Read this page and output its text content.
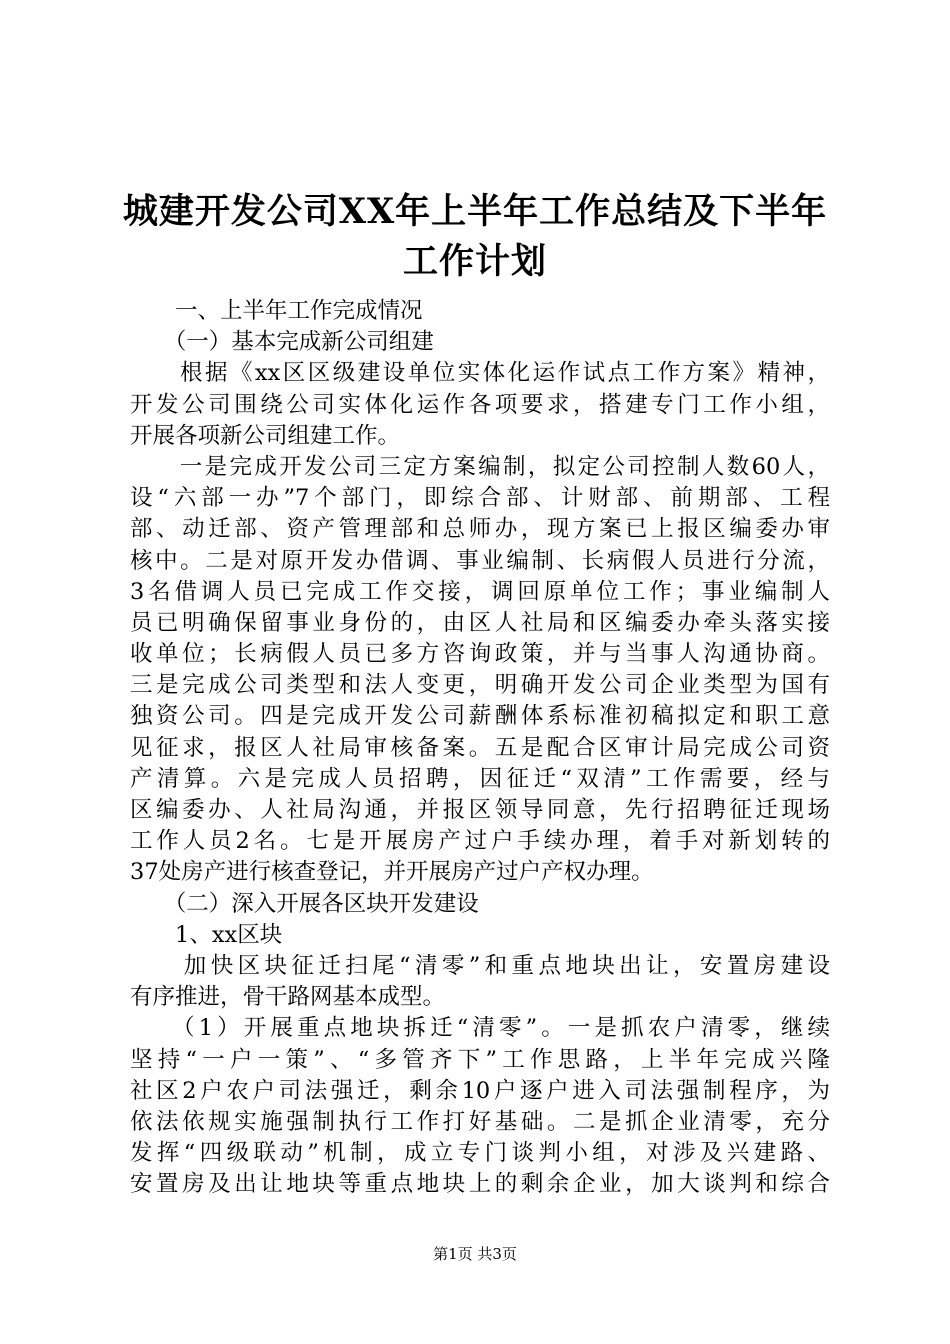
城建开发公司XX年上半年工作总结及下半年
工作计划
　　一、上半年工作完成情况
　　（一）基本完成新公司组建
　　根据《xx区区级建设单位实体化运作试点工作方案》精神，
开发公司围绕公司实体化运作各项要求，搭建专门工作小组，
开展各项新公司组建工作。
　　一是完成开发公司三定方案编制，拟定公司控制人数60人，
设“六部一办”7个部门，即综合部、计财部、前期部、工程
部、动迁部、资产管理部和总师办，现方案已上报区编委办审
核中。二是对原开发办借调、事业编制、长病假人员进行分流，
3名借调人员已完成工作交接，调回原单位工作；事业编制人
员已明确保留事业身份的，由区人社局和区编委办牵头落实接
收单位；长病假人员已多方咨询政策，并与当事人沟通协商。
三是完成公司类型和法人变更，明确开发公司企业类型为国有
独资公司。四是完成开发公司薪酬体系标准初稿拟定和职工意
见征求，报区人社局审核备案。五是配合区审计局完成公司资
产清算。六是完成人员招聘，因征迁“双清”工作需要，经与
区编委办、人社局沟通，并报区领导同意，先行招聘征迁现场
工作人员2名。七是开展房产过户手续办理，着手对新划转的
37处房产进行核查登记，并开展房产过户产权办理。
　　（二）深入开展各区块开发建设
　　1、xx区块
　　加快区块征迁扫尾“清零”和重点地块出让，安置房建设
有序推进，骨干路网基本成型。
　　（1）开展重点地块拆迁“清零”。一是抓农户清零，继续
坚持“一户一策”、“多管齐下”工作思路，上半年完成兴隆
社区2户农户司法强迁，剩余10户逐户进入司法强制程序，为
依法依规实施强制执行工作打好基础。二是抓企业清零，充分
发挥“四级联动”机制，成立专门谈判小组，对涉及兴建路、
安置房及出让地块等重点地块上的剩余企业，加大谈判和综合
第1页 共3页
